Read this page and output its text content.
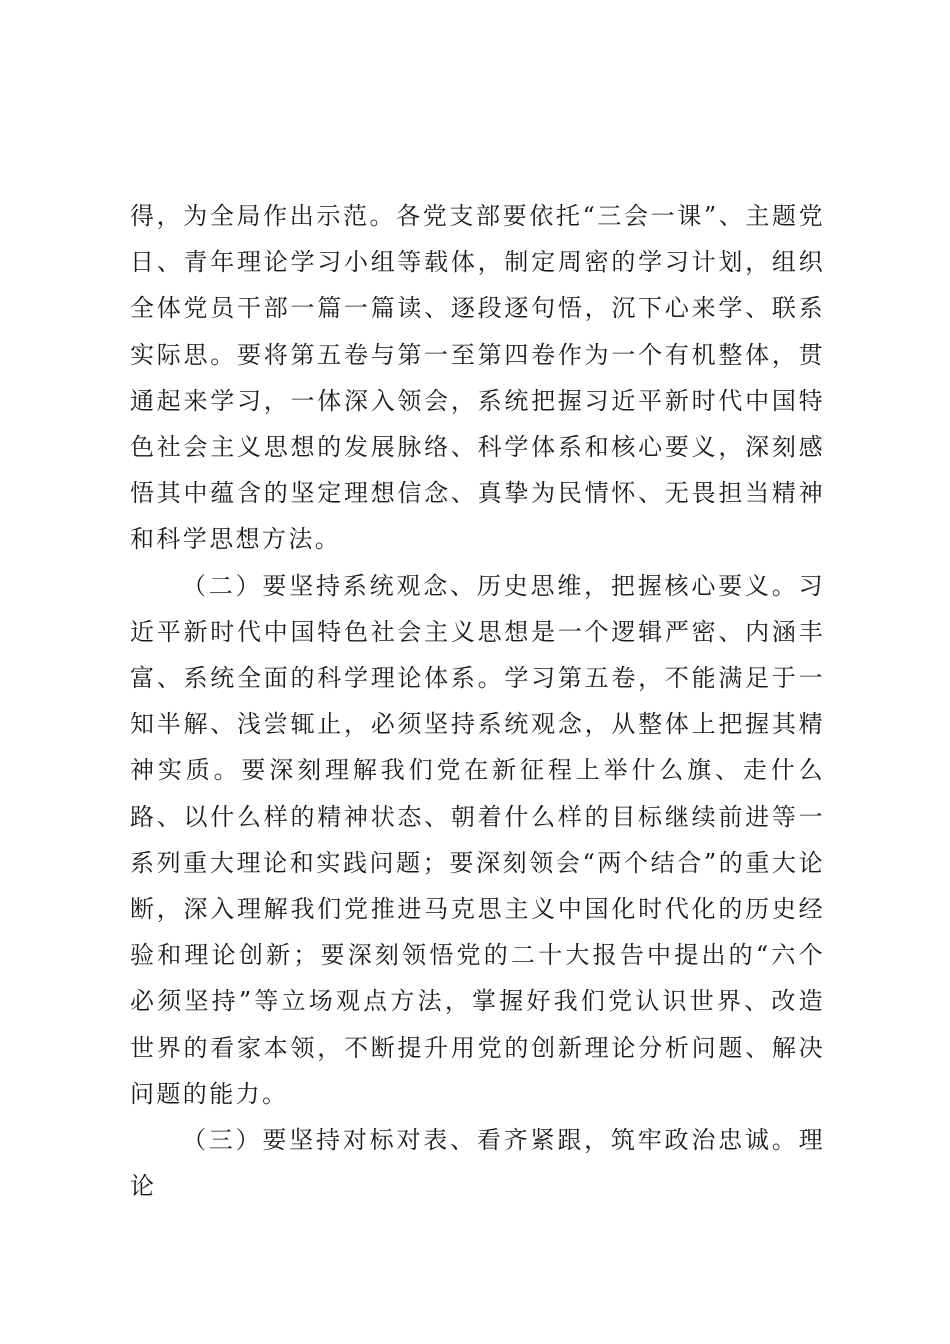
得，为全局作出示范。各党支部要依托“三会一课”、主题党日、青年理论学习小组等载体，制定周密的学习计划，组织全体党员干部一篇一篇读、逐段逐句悟，沉下心来学、联系实际思。要将第五卷与第一至第四卷作为一个有机整体，贯通起来学习，一体深入领会，系统把握习近平新时代中国特色社会主义思想的发展脉络、科学体系和核心要义，深刻感悟其中蕴含的坚定理想信念、真挚为民情怀、无畏担当精神和科学思想方法。

（二）要坚持系统观念、历史思维，把握核心要义。习近平新时代中国特色社会主义思想是一个逻辑严密、内涵丰富、系统全面的科学理论体系。学习第五卷，不能满足于一知半解、浅尝辄止，必须坚持系统观念，从整体上把握其精神实质。要深刻理解我们党在新征程上举什么旗、走什么路、以什么样的精神状态、朝着什么样的目标继续前进等一系列重大理论和实践问题；要深刻领会“两个结合”的重大论断，深入理解我们党推进马克思主义中国化时代化的历史经验和理论创新；要深刻领悟党的二十大报告中提出的“六个必须坚持”等立场观点方法，掌握好我们党认识世界、改造世界的看家本领，不断提升用党的创新理论分析问题、解决问题的能力。

（三）要坚持对标对表、看齐紧跟，筑牢政治忠诚。理论
